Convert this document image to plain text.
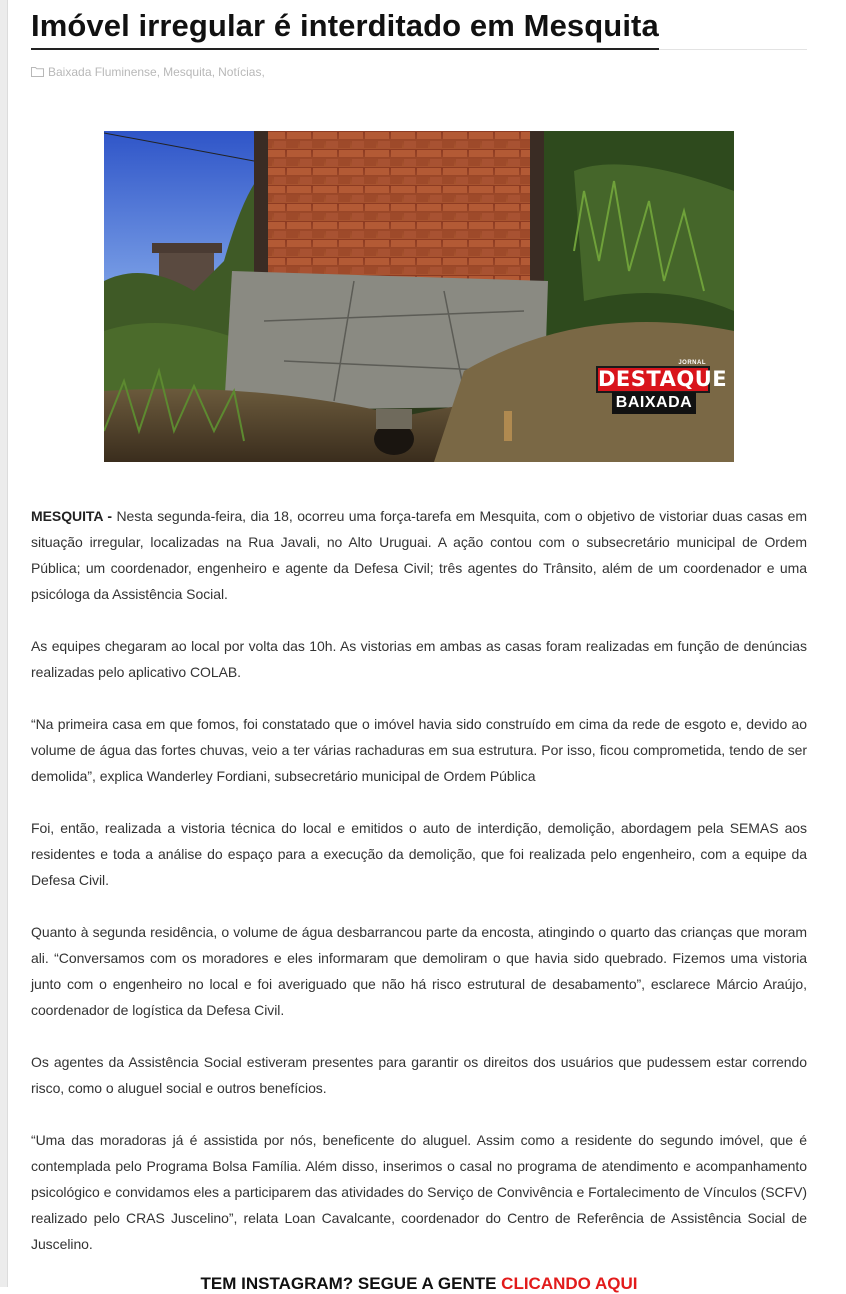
Imóvel irregular é interditado em Mesquita
Baixada Fluminense , Mesquita , Notícias ,
DESTAQUE
JORNAL
BAIXADA

MESQUITA - Nesta segunda-feira, dia 18, ocorreu uma força-tarefa em Mesquita, com o objetivo de vistoriar duas casas em situação irregular, localizadas na Rua Javali, no Alto Uruguai. A ação contou com o subsecretário municipal de Ordem Pública; um coordenador, engenheiro e agente da Defesa Civil; três agentes do Trânsito, além de um coordenador e uma psicóloga da Assistência Social.

As equipes chegaram ao local por volta das 10h. As vistorias em ambas as casas foram realizadas em função de denúncias realizadas pelo aplicativo COLAB.

“Na primeira casa em que fomos, foi constatado que o imóvel havia sido construído em cima da rede de esgoto e, devido ao volume de água das fortes chuvas, veio a ter várias rachaduras em sua estrutura. Por isso, ficou comprometida, tendo de ser demolida”, explica Wanderley Fordiani, subsecretário municipal de Ordem Pública

Foi, então, realizada a vistoria técnica do local e emitidos o auto de interdição, demolição, abordagem pela SEMAS aos residentes e toda a análise do espaço para a execução da demolição, que foi realizada pelo engenheiro, com a equipe da Defesa Civil.

Quanto à segunda residência, o volume de água desbarrancou parte da encosta, atingindo o quarto das crianças que moram ali. “Conversamos com os moradores e eles informaram que demoliram o que havia sido quebrado. Fizemos uma vistoria junto com o engenheiro no local e foi averiguado que não há risco estrutural de desabamento”, esclarece Márcio Araújo, coordenador de logística da Defesa Civil.

Os agentes da Assistência Social estiveram presentes para garantir os direitos dos usuários que pudessem estar correndo risco, como o aluguel social e outros benefícios.

“Uma das moradoras já é assistida por nós, beneficente do aluguel. Assim como a residente do segundo imóvel, que é contemplada pelo Programa Bolsa Família. Além disso, inserimos o casal no programa de atendimento e acompanhamento psicológico e convidamos eles a participarem das atividades do Serviço de Convivência e Fortalecimento de Vínculos (SCFV) realizado pelo CRAS Juscelino”, relata Loan Cavalcante, coordenador do Centro de Referência de Assistência Social de Juscelino.

TEM INSTAGRAM? SEGUE A GENTE CLICANDO AQUI
